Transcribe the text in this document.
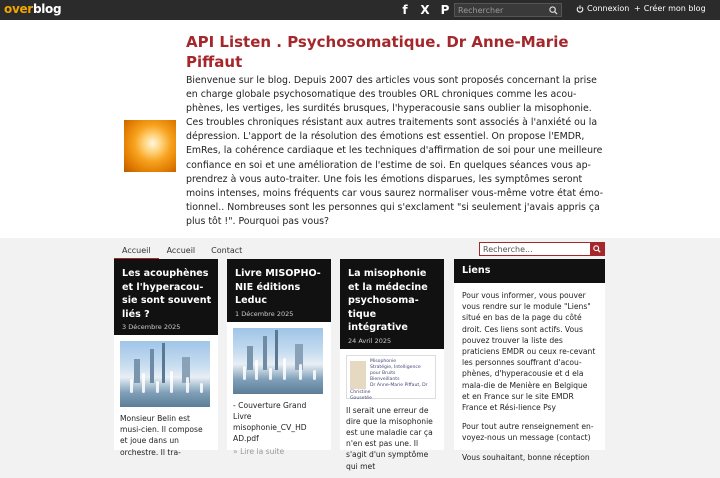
overblog	f	X P
Rechercher	Connexion + Créer mon blog
API Listen . Psychosomatique. Dr Anne-Marie Piffaut
Bienvenue sur le blog. Depuis 2007 des articles vous sont proposés concernant la prise en charge globale psychosomatique des troubles ORL chroniques comme les acou-phènes, les vertiges, les surdités brusques, l'hyperacousie sans oublier la misophonie. Ces troubles chroniques résistant aux autres traitements sont associés à l'anxiété ou la dépression. L'apport de la résolution des émotions est essentiel. On propose l'EMDR, EmRes, la cohérence cardiaque et les techniques d'affirmation de soi pour une meilleure confiance en soi et une amélioration de l'estime de soi. En quelques séances vous ap-prendrez à vous auto-traiter. Une fois les émotions disparues, les symptômes seront moins intenses, moins fréquents car vous saurez normaliser vous-même votre état émo-tionnel.. Nombreuses sont les personnes qui s'exclament "si seulement j'avais appris ça plus tôt !". Pourquoi pas vous?
Accueil	Accueil	Contact
Recherche...
Les acouphènes et l'hyperacou-sie sont souvent liés ?
3 Décembre 2025
Monsieur Belin est musi-cien. Il compose et joue dans un orchestre. Il tra-
Livre MISOPHO-NIE éditions Leduc
1 Décembre 2025
- Couverture Grand Livre misophonie_CV_HD AD.pdf
» Lire la suite
La misophonie et la médecine psychosoma-tique intégrative
24 Avril 2025
Misophonie
Stratégie, Intelligence pour Bruits
Bienveillants
Dr Anne-Marie Piffaut, Dr Christine
Gousetée
Il serait une erreur de dire que la misophonie est une maladie car ça n'en est pas une. Il s'agit d'un symptôme qui met
Liens

Pour vous informer, vous pouver vous rendre sur le module "Liens" situé en bas de la page du côté droit. Ces liens sont actifs. Vous pouvez trouver la liste des praticiens EMDR ou ceux re-cevant les personnes souffrant d'acou-phènes, d'hyperacousie et d ela mala-die de Menière en Belgique et en France sur le site EMDR France et Rési-lience Psy

Pour tout autre renseignement en-voyez-nous un message (contact)

Vous souhaitant, bonne réception
